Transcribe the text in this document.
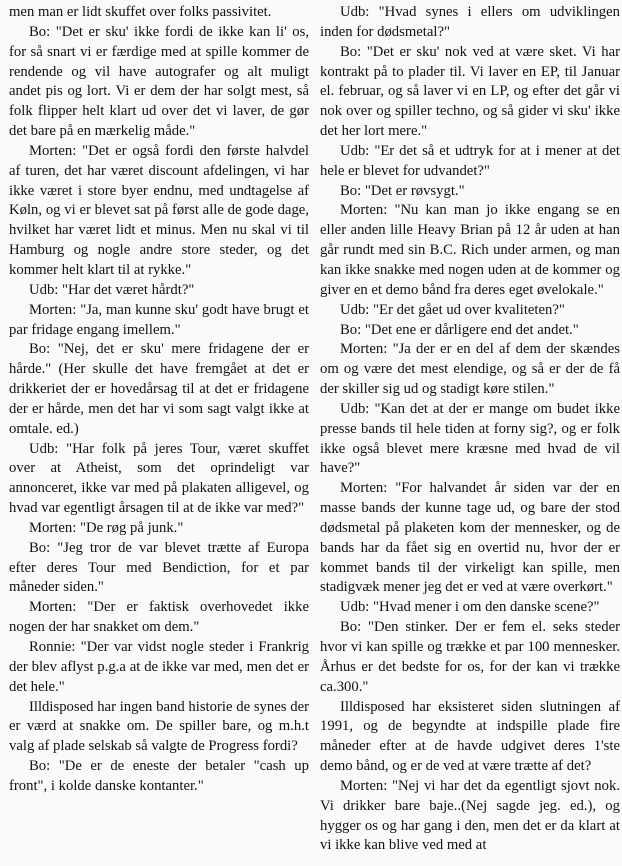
men man er lidt skuffet over folks passivitet.

Bo: "Det er sku' ikke fordi de ikke kan li' os, for så snart vi er færdige med at spille kommer de rendende og vil have autografer og alt muligt andet pis og lort. Vi er dem der har solgt mest, så folk flipper helt klart ud over det vi laver, de gør det bare på en mærkelig måde."

Morten: "Det er også fordi den første halvdel af turen, det har været discount afdelingen, vi har ikke været i store byer endnu, med undtagelse af Køln, og vi er blevet sat på først alle de gode dage, hvilket har været lidt et minus. Men nu skal vi til Hamburg og nogle andre store steder, og det kommer helt klart til at rykke."

Udb: "Har det været hårdt?"

Morten: "Ja, man kunne sku' godt have brugt et par fridage engang imellem."

Bo: "Nej, det er sku' mere fridagene der er hårde." (Her skulle det have fremgået at det er drikkeriet der er hovedårsag til at det er fridagene der er hårde, men det har vi som sagt valgt ikke at omtale. ed.)

Udb: "Har folk på jeres Tour, været skuffet over at Atheist, som det oprindeligt var annonceret, ikke var med på plakaten alligevel, og hvad var egentligt årsagen til at de ikke var med?"

Morten: "De røg på junk."

Bo: "Jeg tror de var blevet trætte af Europa efter deres Tour med Bendiction, for et par måneder siden."

Morten: "Der er faktisk overhovedet ikke nogen der har snakket om dem."

Ronnie: "Der var vidst nogle steder i Frankrig der blev aflyst p.g.a at de ikke var med, men det er det hele."

Illdisposed har ingen band historie de synes der er værd at snakke om. De spiller bare, og m.h.t valg af plade selskab så valgte de Progress fordi?

Bo: "De er de eneste der betaler "cash up front", i kolde danske kontanter."

Udb: "Hvad synes i ellers om udviklingen inden for dødsmetal?"

Bo: "Det er sku' nok ved at være sket. Vi har kontrakt på to plader til. Vi laver en EP, til Januar el. februar, og så laver vi en LP, og efter det går vi nok over og spiller techno, og så gider vi sku' ikke det her lort mere."

Udb: "Er det så et udtryk for at i mener at det hele er blevet for udvandet?"

Bo: "Det er røvsygt."

Morten: "Nu kan man jo ikke engang se en eller anden lille Heavy Brian på 12 år uden at han går rundt med sin B.C. Rich under armen, og man kan ikke snakke med nogen uden at de kommer og giver en et demo bånd fra deres eget øvelokale."

Udb: "Er det gået ud over kvaliteten?"

Bo: "Det ene er dårligere end det andet."

Morten: "Ja der er en del af dem der skændes om og være det mest elendige, og så er der de få der skiller sig ud og stadigt køre stilen."

Udb: "Kan det at der er mange om budet ikke presse bands til hele tiden at forny sig?, og er folk ikke også blevet mere kræsne med hvad de vil have?"

Morten: "For halvandet år siden var der en masse bands der kunne tage ud, og bare der stod dødsmetal på plaketen kom der mennesker, og de bands har da fået sig en overtid nu, hvor der er kommet bands til der virkeligt kan spille, men stadigvæk mener jeg det er ved at være overkørt."

Udb: "Hvad mener i om den danske scene?"

Bo: "Den stinker. Der er fem el. seks steder hvor vi kan spille og trække et par 100 mennesker. Århus er det bedste for os, for der kan vi trække ca.300."

Illdisposed har eksisteret siden slutningen af 1991, og de begyndte at indspille plade fire måneder efter at de havde udgivet deres 1'ste demo bånd, og er de ved at være trætte af det?

Morten: "Nej vi har det da egentligt sjovt nok. Vi drikker bare baje..(Nej sagde jeg. ed.), og hygger os og har gang i den, men det er da klart at vi ikke kan blive ved med at
